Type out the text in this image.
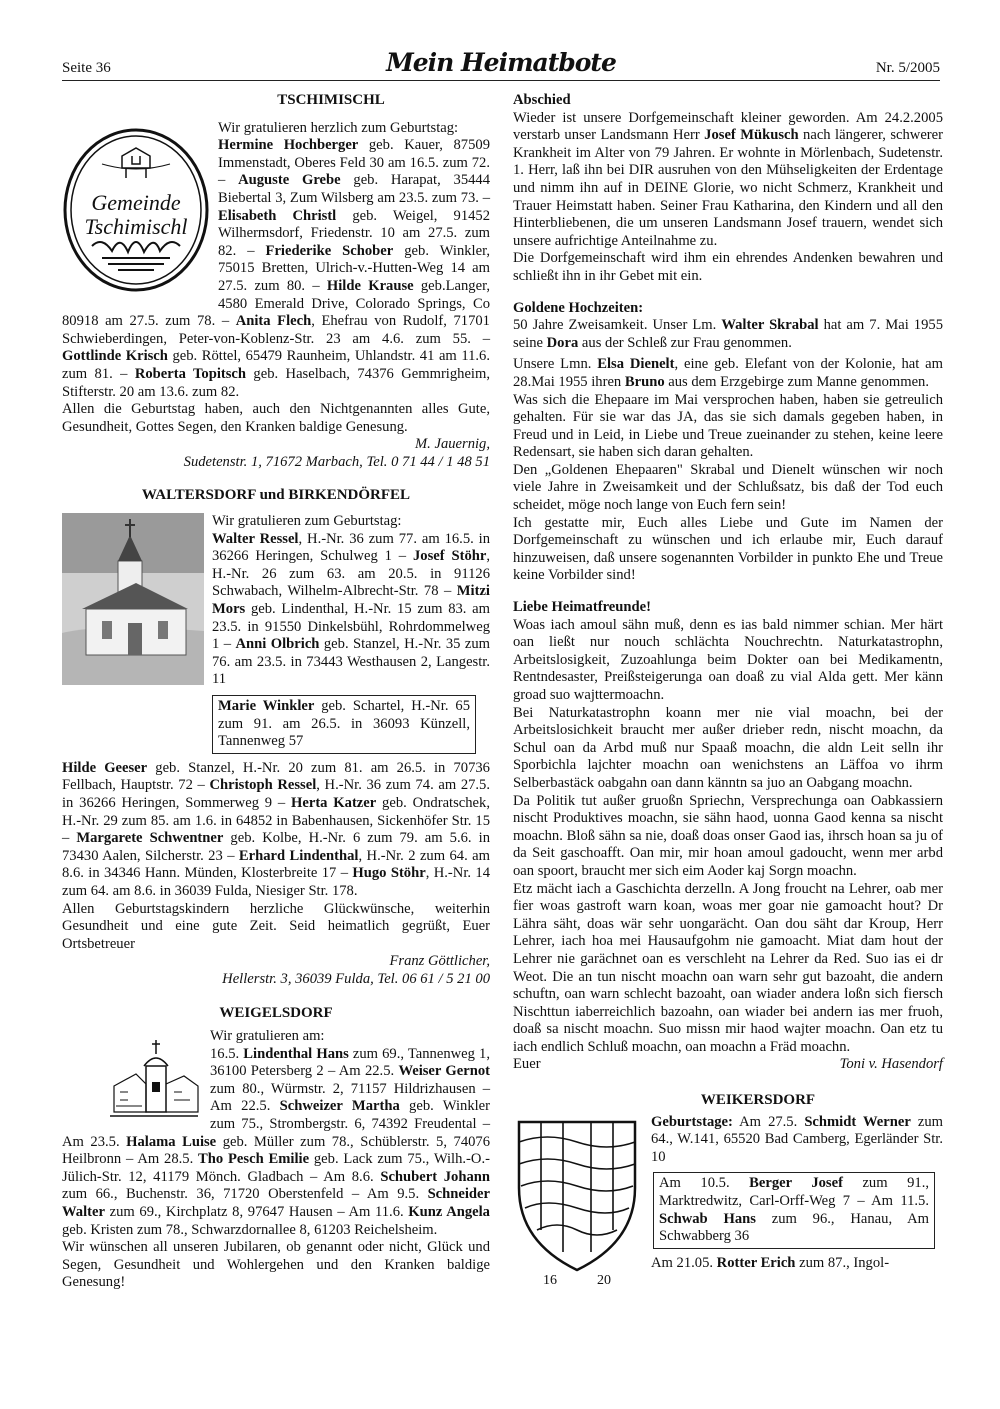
Seite 36	Mein Heimatbote	Nr. 5/2005

TSCHIMISCHL

Gemeinde
Tschimischl

Wir gratulieren herzlich zum Geburtstag:

Hermine Hochberger geb. Kauer, 87509 Immenstadt, Oberes Feld 30 am 16.5. zum 72. – Auguste Grebe geb. Harapat, 35444 Biebertal 3, Zum Wilsberg am 23.5. zum 73. – Elisabeth Christl geb. Weigel, 91452 Wilhermsdorf, Friedenstr. 10 am 27.5. zum 82. – Friederike Schober geb. Winkler, 75015 Bretten, Ulrich-v.-Hutten-Weg 14 am 27.5. zum 80. – Hilde Krause geb.Langer, 4580 Emerald Drive, Colorado Springs, Co 80918 am 27.5. zum 78. – Anita Flech, Ehefrau von Rudolf, 71701 Schwieberdingen, Peter-von-Koblenz-Str. 23 am 4.6. zum 55. – Gottlinde Krisch geb. Röttel, 65479 Raunheim, Uhlandstr. 41 am 11.6. zum 81. – Roberta Topitsch geb. Haselbach, 74376 Gemmrigheim, Stifterstr. 20 am 13.6. zum 82.

Allen die Geburtstag haben, auch den Nichtgenannten alles Gute, Gesundheit, Gottes Segen, den Kranken baldige Genesung.

M. Jauernig,

Sudetenstr. 1, 71672 Marbach, Tel. 0 71 44 / 1 48 51

WALTERSDORF und BIRKENDÖRFEL

Wir gratulieren zum Geburtstag:

Walter Ressel, H.-Nr. 36 zum 77. am 16.5. in 36266 Heringen, Schulweg 1 – Josef Stöhr, H.-Nr. 26 zum 63. am 20.5. in 91126 Schwabach, Wilhelm-Albrecht-Str. 78 – Mitzi Mors geb. Lindenthal, H.-Nr. 15 zum 83. am 23.5. in 91550 Dinkelsbühl, Rohrdommelweg 1 – Anni Olbrich geb. Stanzel, H.-Nr. 35 zum 76. am 23.5. in 73443 Westhausen 2, Langestr. 11

Marie Winkler geb. Schartel, H.-Nr. 65 zum 91. am 26.5. in 36093 Künzell, Tannenweg 57

Hilde Geeser geb. Stanzel, H.-Nr. 20 zum 81. am 26.5. in 70736 Fellbach, Hauptstr. 72 – Christoph Ressel, H.-Nr. 36 zum 74. am 27.5. in 36266 Heringen, Sommerweg 9 – Herta Katzer geb. Ondratschek, H.-Nr. 29 zum 85. am 1.6. in 64852 in Babenhausen, Sickenhöfer Str. 15 – Margarete Schwentner geb. Kolbe, H.-Nr. 6 zum 79. am 5.6. in 73430 Aalen, Silcherstr. 23 – Erhard Lindenthal, H.-Nr. 2 zum 64. am 8.6. in 34346 Hann. Münden, Klosterbreite 17 – Hugo Stöhr, H.-Nr. 14 zum 64. am 8.6. in 36039 Fulda, Niesiger Str. 178.

Allen Geburtstagskindern herzliche Glückwünsche, weiterhin Gesundheit und eine gute Zeit. Seid heimatlich gegrüßt, Euer Ortsbetreuer

Franz Göttlicher,

Hellerstr. 3, 36039 Fulda, Tel. 06 61 / 5 21 00

WEIGELSDORF

Wir gratulieren am:

16.5. Lindenthal Hans zum 69., Tannenweg 1, 36100 Petersberg 2 – Am 22.5. Weiser Gernot zum 80., Würmstr. 2, 71157 Hildrizhausen – Am 22.5. Schweizer Martha geb. Winkler zum 75., Strombergstr. 6, 74392 Freudental – Am 23.5. Halama Luise geb. Müller zum 78., Schüblerstr. 5, 74076 Heilbronn – Am 28.5. Tho Pesch Emilie geb. Lack zum 75., Wilh.-O.-Jülich-Str. 12, 41179 Mönch. Gladbach – Am 8.6. Schubert Johann zum 66., Buchenstr. 36, 71720 Oberstenfeld – Am 9.5. Schneider Walter zum 69., Kirchplatz 8, 97647 Hausen – Am 11.6. Kunz Angela geb. Kristen zum 78., Schwarzdornallee 8, 61203 Reichelsheim.

Wir wünschen all unseren Jubilaren, ob genannt oder nicht, Glück und Segen, Gesundheit und Wohlergehen und den Kranken baldige Genesung!

Abschied

Wieder ist unsere Dorfgemeinschaft kleiner geworden. Am 24.2.2005 verstarb unser Landsmann Herr Josef Mükusch nach längerer, schwerer Krankheit im Alter von 79 Jahren. Er wohnte in Mörlenbach, Sudetenstr. 1. Herr, laß ihn bei DIR ausruhen von den Mühseligkeiten der Erdentage und nimm ihn auf in DEINE Glorie, wo nicht Schmerz, Krankheit und Trauer Heimstatt haben. Seiner Frau Katharina, den Kindern und all den Hinterbliebenen, die um unseren Landsmann Josef trauern, wendet sich unsere aufrichtige Anteilnahme zu.

Die Dorfgemeinschaft wird ihm ein ehrendes Andenken bewahren und schließt ihn in ihr Gebet mit ein.

Goldene Hochzeiten:

50 Jahre Zweisamkeit. Unser Lm. Walter Skrabal hat am 7. Mai 1955 seine Dora aus der Schleß zur Frau genommen.

Unsere Lmn. Elsa Dienelt, eine geb. Elefant von der Kolonie, hat am 28.Mai 1955 ihren Bruno aus dem Erzgebirge zum Manne genommen.

Was sich die Ehepaare im Mai versprochen haben, haben sie getreulich gehalten. Für sie war das JA, das sie sich damals gegeben haben, in Freud und in Leid, in Liebe und Treue zueinander zu stehen, keine leere Redensart, sie haben sich daran gehalten.

Den „Goldenen Ehepaaren" Skrabal und Dienelt wünschen wir noch viele Jahre in Zweisamkeit und der Schlußsatz, bis daß der Tod euch scheidet, möge noch lange von Euch fern sein!

Ich gestatte mir, Euch alles Liebe und Gute im Namen der Dorfgemeinschaft zu wünschen und ich erlaube mir, Euch darauf hinzuweisen, daß unsere sogenannten Vorbilder in punkto Ehe und Treue keine Vorbilder sind!

Liebe Heimatfreunde!

Woas iach amoul sähn muß, denn es ias bald nimmer schian. Mer härt oan ließt nur nouch schlächta Nouchrechtn. Naturkatastrophn, Arbeitslosigkeit, Zuzoahlunga beim Dokter oan bei Medikamentn, Rentndesaster, Preißsteigerunga oan doaß zu vial Alda gett. Mer känn groad suo wajttermoachn.

Bei Naturkatastrophn koann mer nie vial moachn, bei der Arbeitslosichkeit braucht mer außer drieber redn, nischt moachn, da Schul oan da Arbd muß nur Spaaß moachn, die aldn Leit selln ihr Sporbichla lajchter moachn oan wenichstens an Läffoa vo ihrm Selberbastäck oabgahn oan dann känntn sa juo an Oabgang moachn.

Da Politik tut außer gruoßn Spriechn, Versprechunga oan Oabkassiern nischt Produktives moachn, sie sähn haod, uonna Gaod kenna sa nischt moachn. Bloß sähn sa nie, doaß doas onser Gaod ias, ihrsch hoan sa ju of da Seit gaschoafft. Oan mir, mir hoan amoul gadoucht, wenn mer arbd oan spoort, braucht mer sich eim Aoder kaj Sorgn moachn.

Etz mächt iach a Gaschichta derzelln. A Jong froucht na Lehrer, oab mer fier woas gastroft warn koan, woas mer goar nie gamoacht hout? Dr Lährа säht, doas wär sehr uongarächt. Oan dou säht dar Kroup, Herr Lehrer, iach hoa mei Hausaufgohm nie gamoacht. Miat dam hout der Lehrer nie garächnet oan es verschleht na Lehrer da Red. Suo ias ei dr Weot. Die an tun nischt moachn oan warn sehr gut bazoaht, die andern schuftn, oan warn schlecht bazoaht, oan wiader andera loßn sich fiersch Nischttun iaberreichlich bazoahn, oan wiader bei andern ias mer fruoh, doaß sa nischt moachn. Suo missn mir haod wajter moachn. Oan etz tu iach endlich Schluß moachn, oan moachn a Fräd moachn.

Euer	Toni v. Hasendorf

WEIKERSDORF

16	20

Geburtstage: Am 27.5. Schmidt Werner zum 64., W.141, 65520 Bad Camberg, Egerländer Str. 10

Am 10.5. Berger Josef zum 91., Marktredwitz, Carl-Orff-Weg 7 – Am 11.5. Schwab Hans zum 96., Hanau, Am Schwabberg 36

Am 21.05. Rotter Erich zum 87., Ingol-
